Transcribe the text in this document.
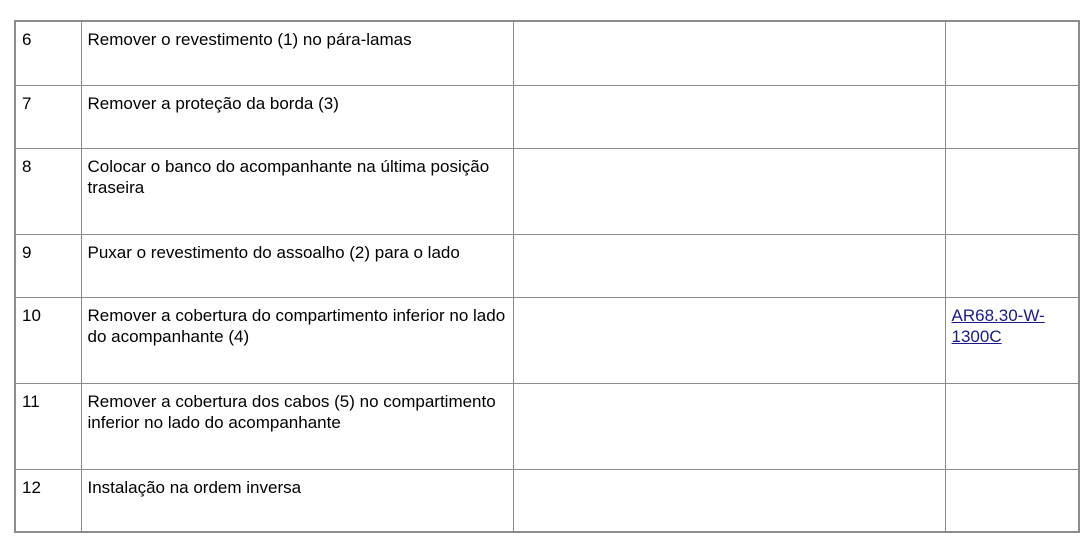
6	Remover o revestimento (1) no pára-lamas		
7	Remover a proteção da borda (3)		
8	Colocar o banco do acompanhante na última posição traseira		
9	Puxar o revestimento do assoalho (2) para o lado		
10	Remover a cobertura do compartimento inferior no lado do acompanhante (4)		AR68.30-W-1300C
11	Remover a cobertura dos cabos (5) no compartimento inferior no lado do acompanhante		
12	Instalação na ordem inversa		
